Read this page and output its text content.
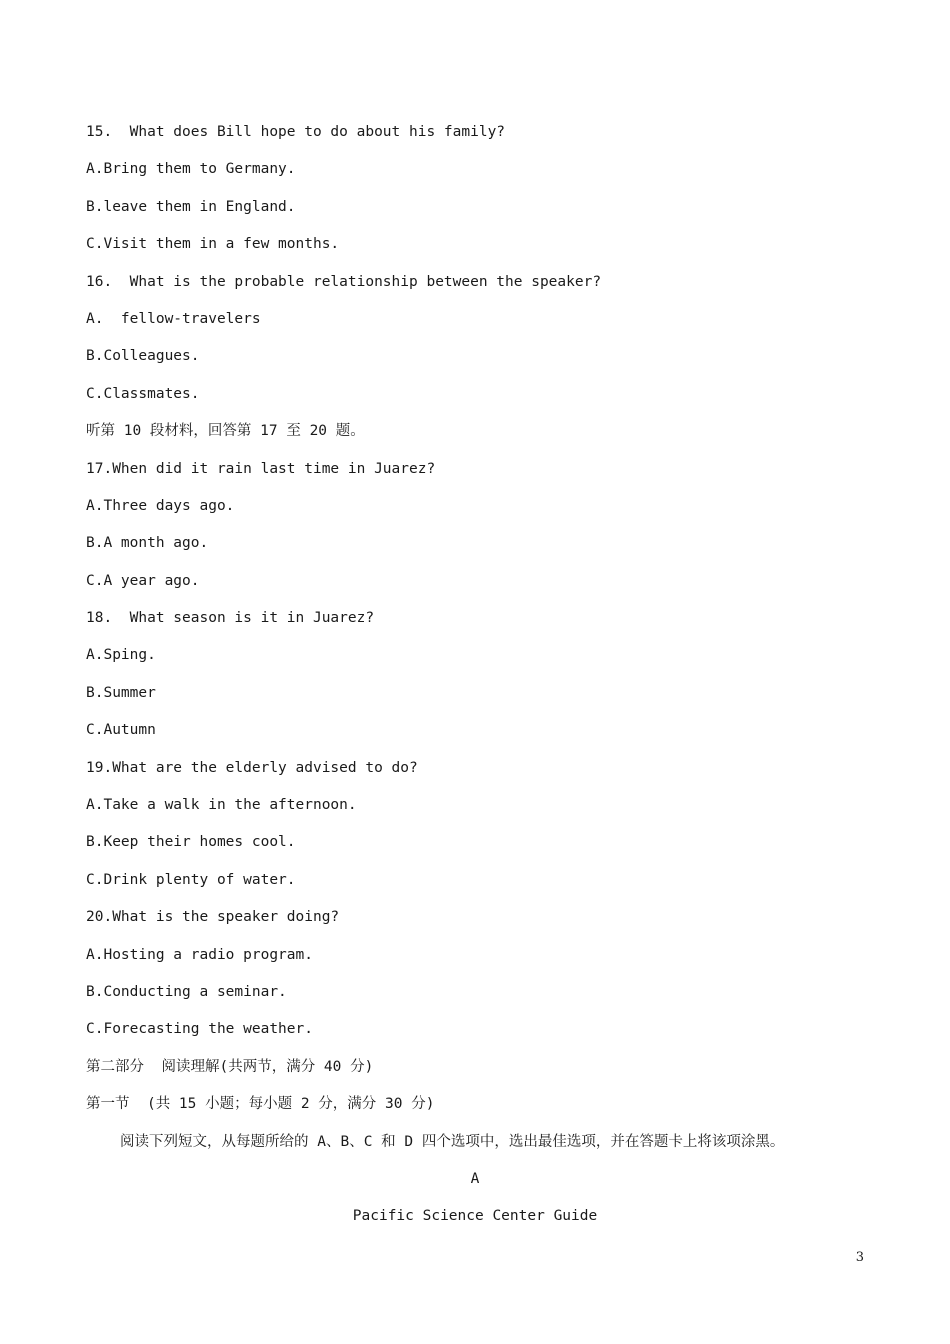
15.  What does Bill hope to do about his family?
A.Bring them to Germany.
B.leave them in England.
C.Visit them in a few months.
16.  What is the probable relationship between the speaker?
A.  fellow-travelers
B.Colleagues.
C.Classmates.
听第 10 段材料，回答第 17 至 20 题。
17.When did it rain last time in Juarez?
A.Three days ago.
B.A month ago.
C.A year ago.
18.  What season is it in Juarez?
A.Sping.
B.Summer
C.Autumn
19.What are the elderly advised to do?
A.Take a walk in the afternoon.
B.Keep their homes cool.
C.Drink plenty of water.
20.What is the speaker doing?
A.Hosting a radio program.
B.Conducting a seminar.
C.Forecasting the weather.
第二部分  阅读理解(共两节，满分 40 分)
第一节  (共 15 小题；每小题 2 分，满分 30 分)
阅读下列短文，从每题所给的 A、B、C 和 D 四个选项中，选出最佳选项，并在答题卡上将该项涂黑。
A
Pacific Science Center Guide
3
